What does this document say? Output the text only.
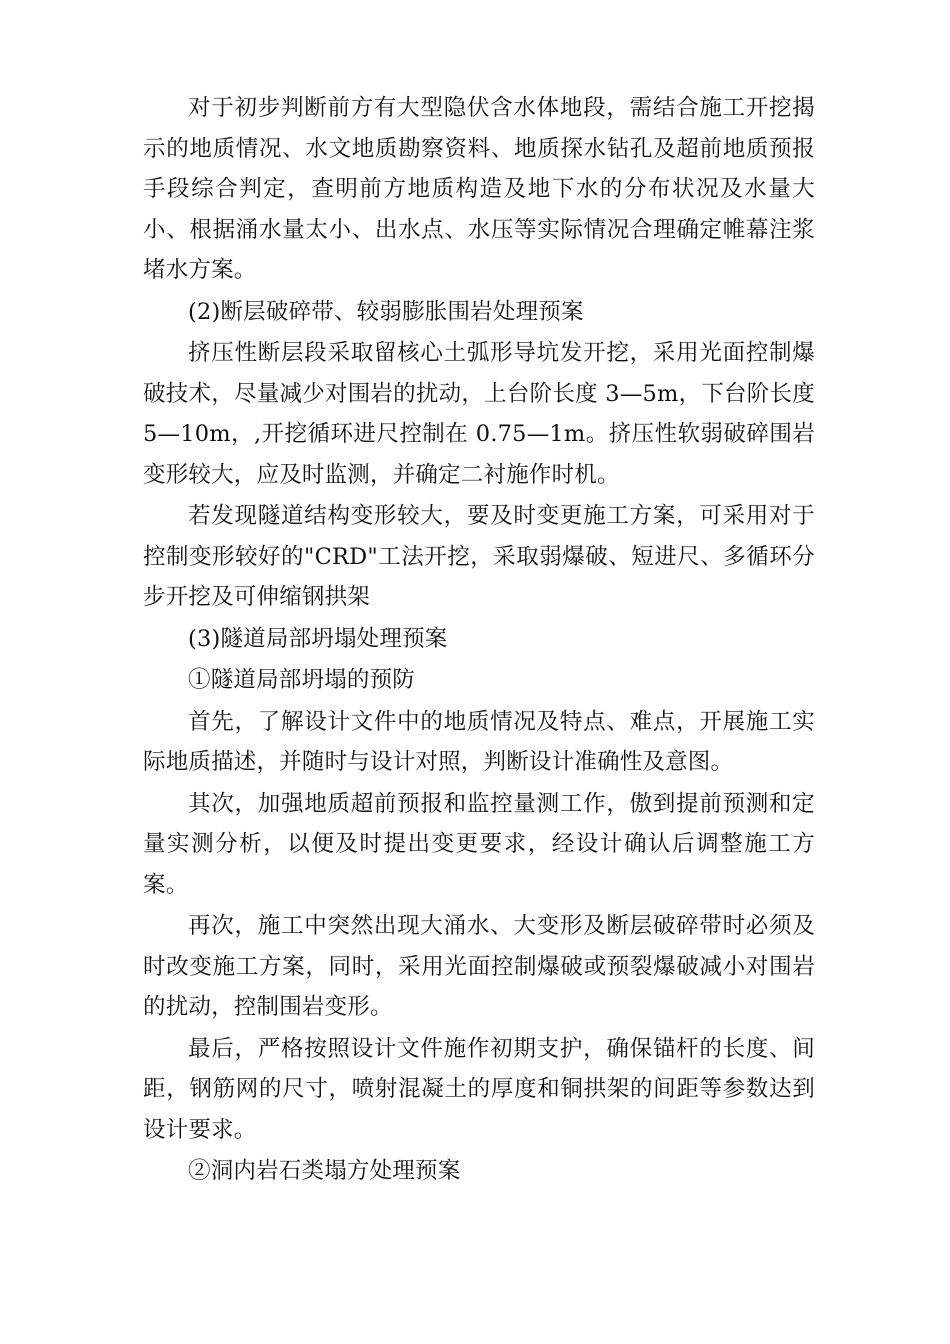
对于初步判断前方有大型隐伏含水体地段，需结合施工开挖揭示的地质情况、水文地质勘察资料、地质探水钻孔及超前地质预报手段综合判定，查明前方地质构造及地下水的分布状况及水量大小、根据涌水量太小、出水点、水压等实际情况合理确定帷幕注浆堵水方案。

(2)断层破碎带、较弱膨胀围岩处理预案

挤压性断层段采取留核心土弧形导坑发开挖，采用光面控制爆破技术，尽量减少对围岩的扰动，上台阶长度 3—5m，下台阶长度 5—10m，,开挖循环进尺控制在 0.75—1m。挤压性软弱破碎围岩变形较大，应及时监测，并确定二衬施作时机。

若发现隧道结构变形较大，要及时变更施工方案，可采用对于控制变形较好的"CRD"工法开挖，采取弱爆破、短进尺、多循环分步开挖及可伸缩钢拱架

(3)隧道局部坍塌处理预案

①隧道局部坍塌的预防

首先，了解设计文件中的地质情况及特点、难点，开展施工实际地质描述，并随时与设计对照，判断设计准确性及意图。

其次，加强地质超前预报和监控量测工作，傲到提前预测和定量实测分析，以便及时提出变更要求，经设计确认后调整施工方案。

再次，施工中突然出现大涌水、大变形及断层破碎带时必须及时改变施工方案，同时，采用光面控制爆破或预裂爆破减小对围岩的扰动，控制围岩变形。

最后，严格按照设计文件施作初期支护，确保锚杆的长度、间距，钢筋网的尺寸，喷射混凝土的厚度和铜拱架的间距等参数达到设计要求。

②洞内岩石类塌方处理预案
